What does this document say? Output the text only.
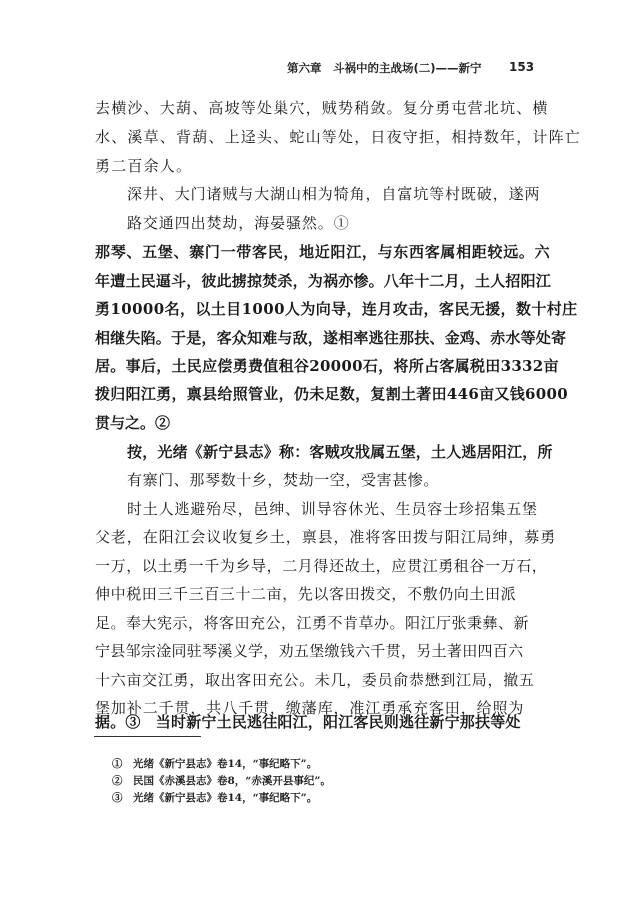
第六章　斗祸中的主战场(二)——新宁 153
去横沙、大葫、高坡等处巢穴，贼势稍敛。复分勇屯营北坑、横
水、溪草、背葫、上迳头、蛇山等处，日夜守拒，相持数年，计阵亡
勇二百余人。
深井、大门诸贼与大湖山相为犄角，自富坑等村既破，遂两
路交通四出焚劫，海晏骚然。①
那琴、五堡、寨门一带客民，地近阳江，与东西客属相距较远。六
年遭土民逼斗，彼此掳掠焚杀，为祸亦惨。八年十二月，土人招阳江
勇10000名，以土目1000人为向导，连月攻击，客民无援，数十村庄
相继失陷。于是，客众知难与敌，遂相率逃往那扶、金鸡、赤水等处寄
居。事后，土民应偿勇费值租谷20000石，将所占客属税田3332亩
拨归阳江勇，禀县给照管业，仍未足数，复割土著田446亩又钱6000
贯与之。②
按，光绪《新宁县志》称：客贼攻戕属五堡，土人逃居阳江，所
有寨门、那琴数十乡，焚劫一空，受害甚惨。
时土人逃避殆尽，邑绅、训导容休光、生员容士珍招集五堡
父老，在阳江会议收复乡土，禀县，准将客田拨与阳江局绅，募勇
一万，以土勇一千为乡导，二月得还故土，应贯江勇租谷一万石，
伸中税田三千三百三十二亩，先以客田拨交，不敷仍向土田派
足。奉大宪示，将客田充公，江勇不肯草办。阳江厅张秉彝、新
宁县邹宗淦同驻琴溪义学，劝五堡缴钱六千贯，另土著田四百六
十六亩交江勇，取出客田充公。未几，委员俞恭懋到江局，撤五
堡加补二千贯，共八千贯，缴藩库，准江勇承充客田，给照为
据。③　当时新宁土民逃往阳江，阳江客民则逃往新宁那扶等处
①　光绪《新宁县志》卷14，“事纪略下”。
②　民国《赤溪县志》卷8，“赤溪开县事纪”。
③　光绪《新宁县志》卷14，“事纪略下”。
